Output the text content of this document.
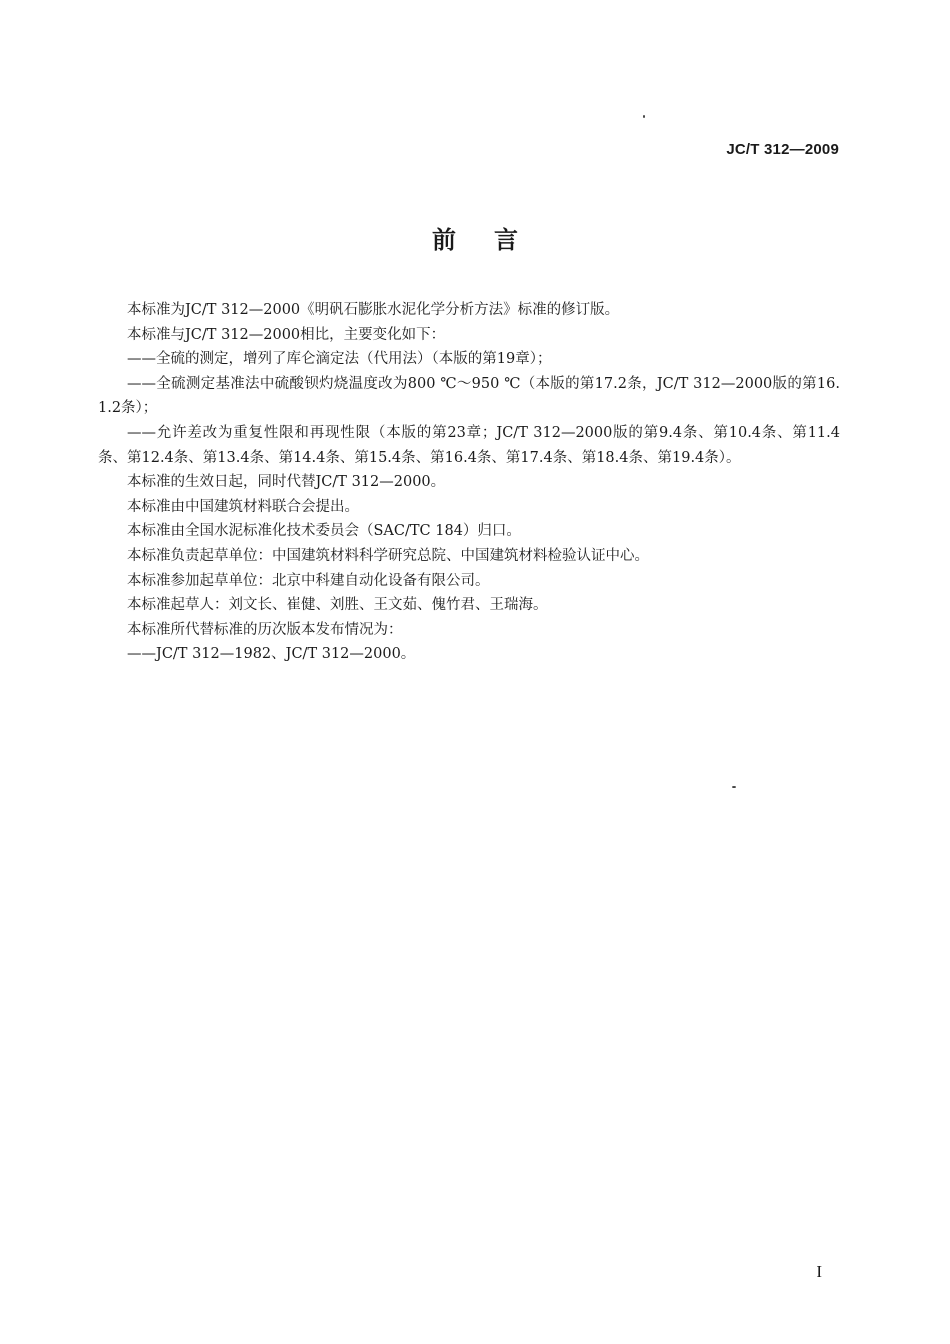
JC/T 312—2009
前言

本标准为JC/T 312—2000《明矾石膨胀水泥化学分析方法》标准的修订版。

本标准与JC/T 312—2000相比，主要变化如下：

——全硫的测定，增列了库仑滴定法（代用法）（本版的第19章）；

——全硫测定基准法中硫酸钡灼烧温度改为800 ℃～950 ℃（本版的第17.2条，JC/T 312—2000版的第16.1.2条）；

——允许差改为重复性限和再现性限（本版的第23章；JC/T 312—2000版的第9.4条、第10.4条、第11.4条、第12.4条、第13.4条、第14.4条、第15.4条、第16.4条、第17.4条、第18.4条、第19.4条）。

本标准的生效日起，同时代替JC/T 312—2000。

本标准由中国建筑材料联合会提出。

本标准由全国水泥标准化技术委员会（SAC/TC 184）归口。

本标准负责起草单位：中国建筑材料科学研究总院、中国建筑材料检验认证中心。

本标准参加起草单位：北京中科建自动化设备有限公司。

本标准起草人：刘文长、崔健、刘胜、王文茹、傀竹君、王瑞海。

本标准所代替标准的历次版本发布情况为：

——JC/T 312—1982、JC/T 312—2000。

I
